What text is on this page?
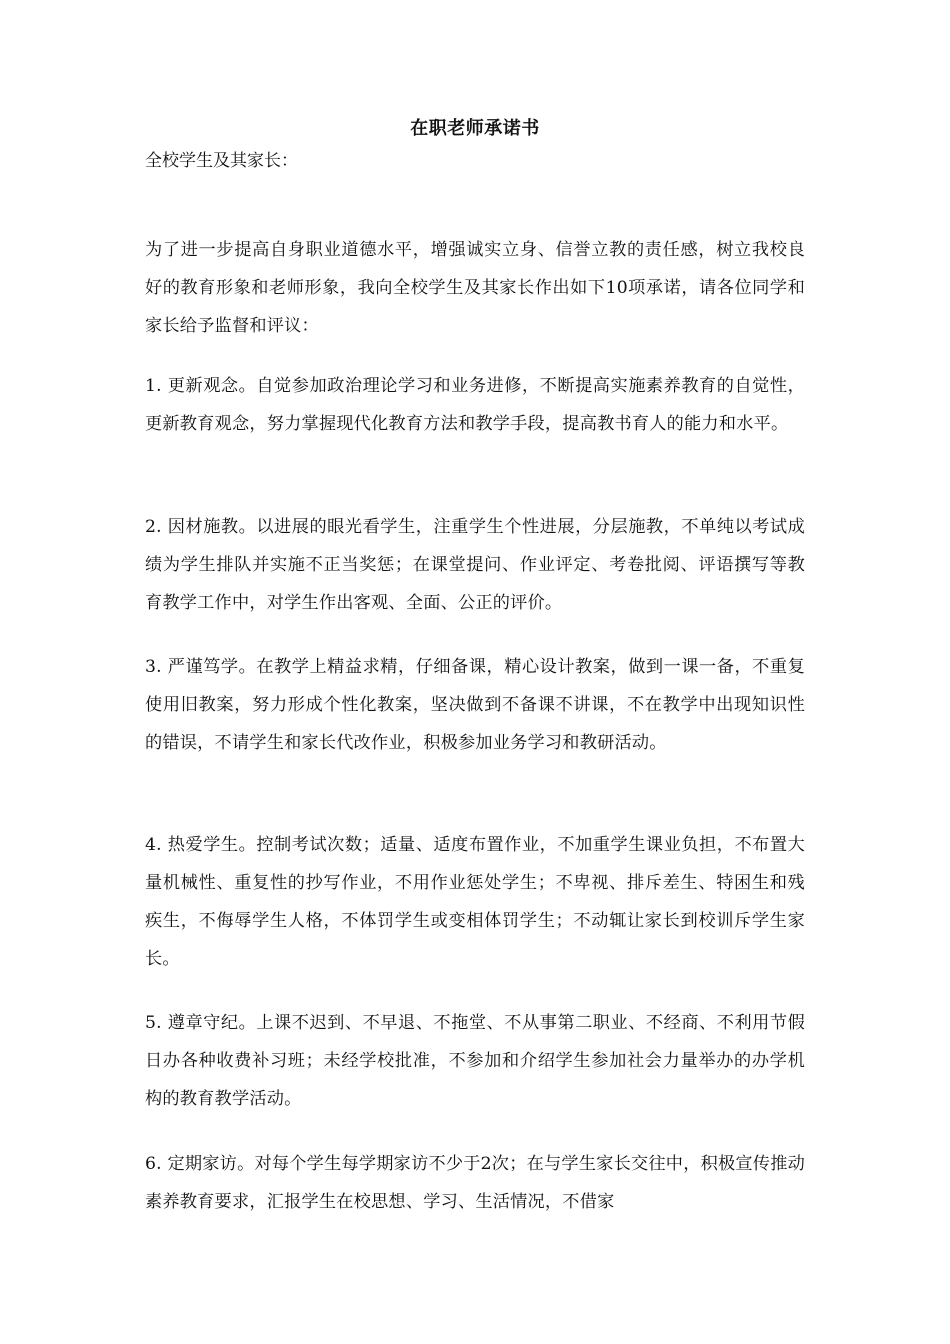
在职老师承诺书
全校学生及其家长：
为了进一步提高自身职业道德水平，增强诚实立身、信誉立教的责任感，树立我校良好的教育形象和老师形象，我向全校学生及其家长作出如下10项承诺，请各位同学和家长给予监督和评议：
1. 更新观念。自觉参加政治理论学习和业务进修，不断提高实施素养教育的自觉性，更新教育观念，努力掌握现代化教育方法和教学手段，提高教书育人的能力和水平。
2. 因材施教。以进展的眼光看学生，注重学生个性进展，分层施教，不单纯以考试成绩为学生排队并实施不正当奖惩；在课堂提问、作业评定、考卷批阅、评语撰写等教育教学工作中，对学生作出客观、全面、公正的评价。
3. 严谨笃学。在教学上精益求精，仔细备课，精心设计教案，做到一课一备，不重复使用旧教案，努力形成个性化教案，坚决做到不备课不讲课，不在教学中出现知识性的错误，不请学生和家长代改作业，积极参加业务学习和教研活动。
4. 热爱学生。控制考试次数；适量、适度布置作业，不加重学生课业负担，不布置大量机械性、重复性的抄写作业，不用作业惩处学生；不卑视、排斥差生、特困生和残疾生，不侮辱学生人格，不体罚学生或变相体罚学生；不动辄让家长到校训斥学生家长。
5. 遵章守纪。上课不迟到、不早退、不拖堂、不从事第二职业、不经商、不利用节假日办各种收费补习班；未经学校批准，不参加和介绍学生参加社会力量举办的办学机构的教育教学活动。
6. 定期家访。对每个学生每学期家访不少于2次；在与学生家长交往中，积极宣传推动素养教育要求，汇报学生在校思想、学习、生活情况，不借家
